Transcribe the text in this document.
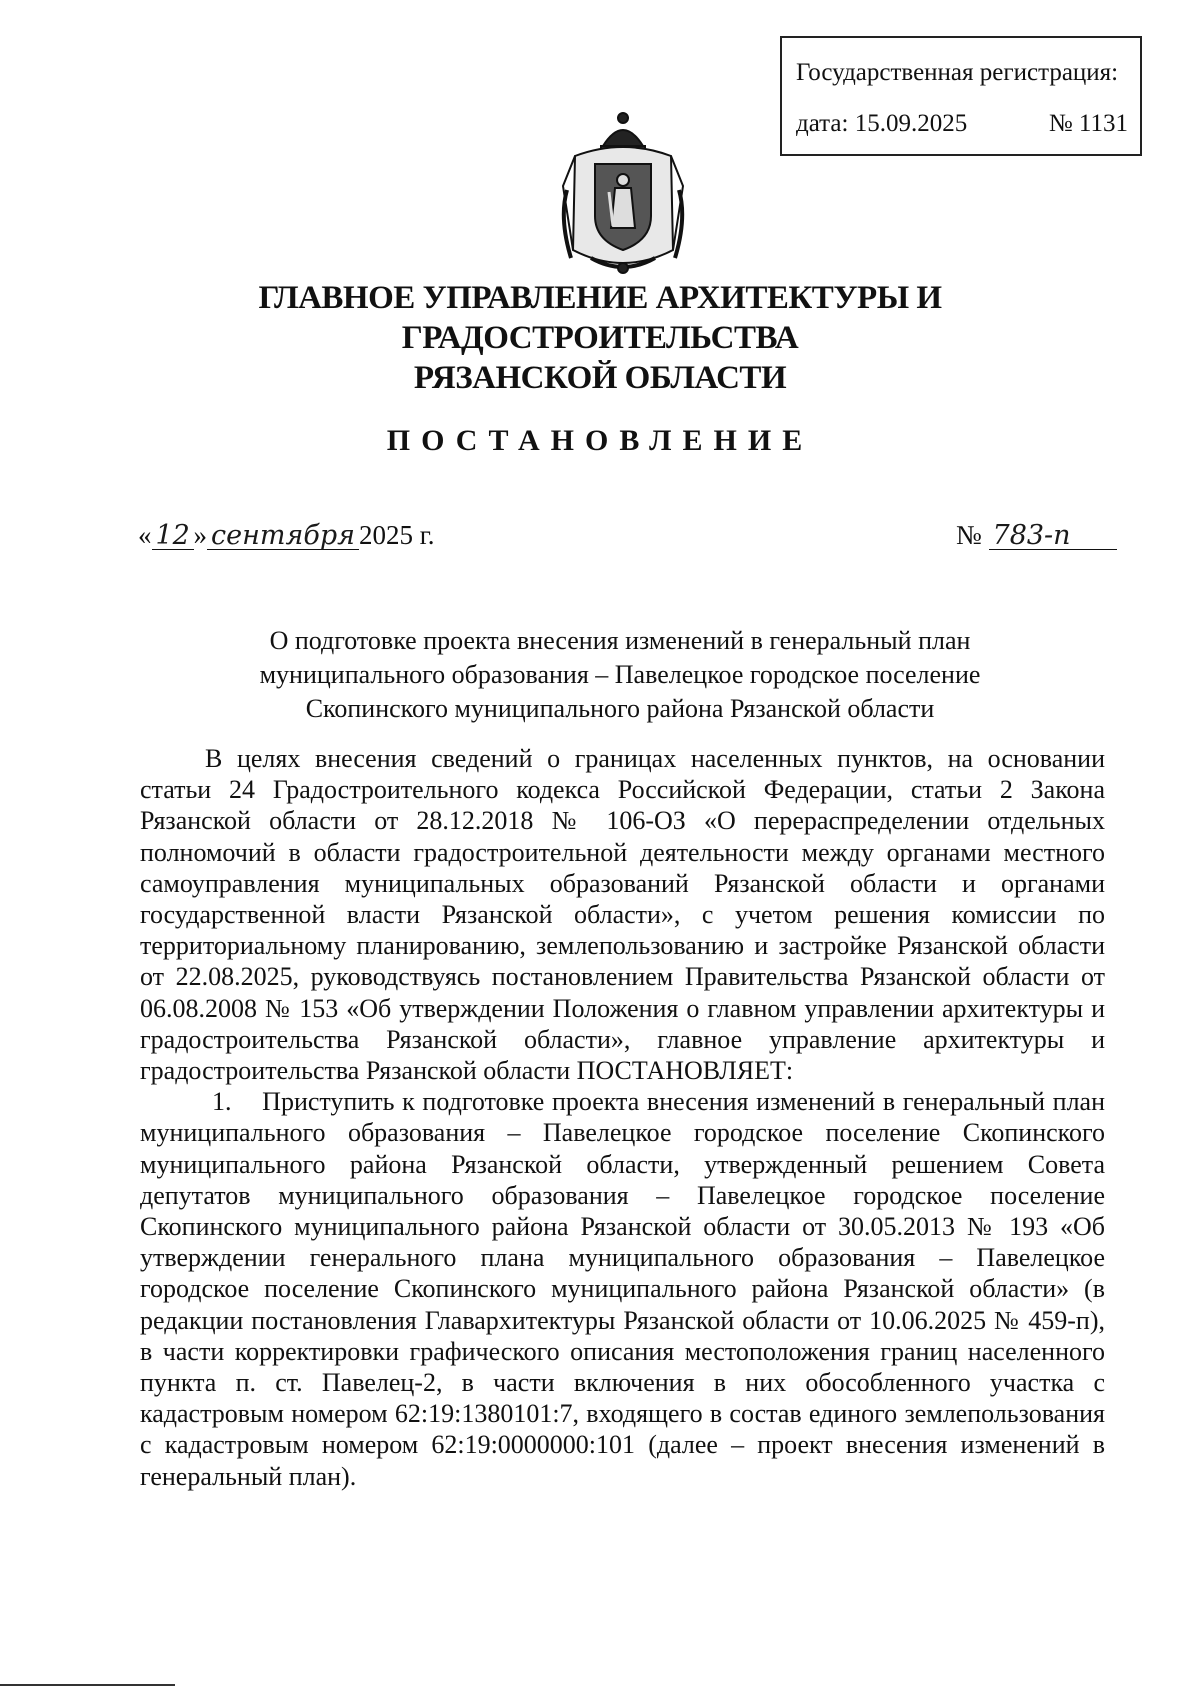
Государственная регистрация:
дата: 15.09.2025	№ 1131
ГЛАВНОЕ УПРАВЛЕНИЕ АРХИТЕКТУРЫ И ГРАДОСТРОИТЕЛЬСТВА
РЯЗАНСКОЙ ОБЛАСТИ
ПОСТАНОВЛЕНИЕ
« 12 » сентября 2025 г.	№ 783-п
О подготовке проекта внесения изменений в генеральный план
муниципального образования – Павелецкое городское поселение
Скопинского муниципального района Рязанской области

В целях внесения сведений о границах населенных пунктов, на основании статьи 24 Градостроительного кодекса Российской Федерации, статьи 2 Закона Рязанской области от 28.12.2018 № 106-ОЗ «О перераспределении отдельных полномочий в области градостроительной деятельности между органами местного самоуправления муниципальных образований Рязанской области и органами государственной власти Рязанской области», с учетом решения комиссии по территориальному планированию, землепользованию и застройке Рязанской области от 22.08.2025, руководствуясь постановлением Правительства Рязанской области от 06.08.2008 № 153 «Об утверждении Положения о главном управлении архитектуры и градостроительства Рязанской области», главное управление архитектуры и градостроительства Рязанской области ПОСТАНОВЛЯЕТ:

1.    Приступить к подготовке проекта внесения изменений в генеральный план муниципального образования – Павелецкое городское поселение Скопинского муниципального района Рязанской области, утвержденный решением Совета депутатов муниципального образования – Павелецкое городское поселение Скопинского муниципального района Рязанской области от 30.05.2013 № 193 «Об утверждении генерального плана муниципального образования – Павелецкое городское поселение Скопинского муниципального района Рязанской области» (в редакции постановления Главархитектуры Рязанской области от 10.06.2025 № 459-п), в части корректировки графического описания местоположения границ населенного пункта п. ст. Павелец-2, в части включения в них обособленного участка с кадастровым номером 62:19:1380101:7, входящего в состав единого землепользования с кадастровым номером 62:19:0000000:101 (далее – проект внесения изменений в генеральный план).
